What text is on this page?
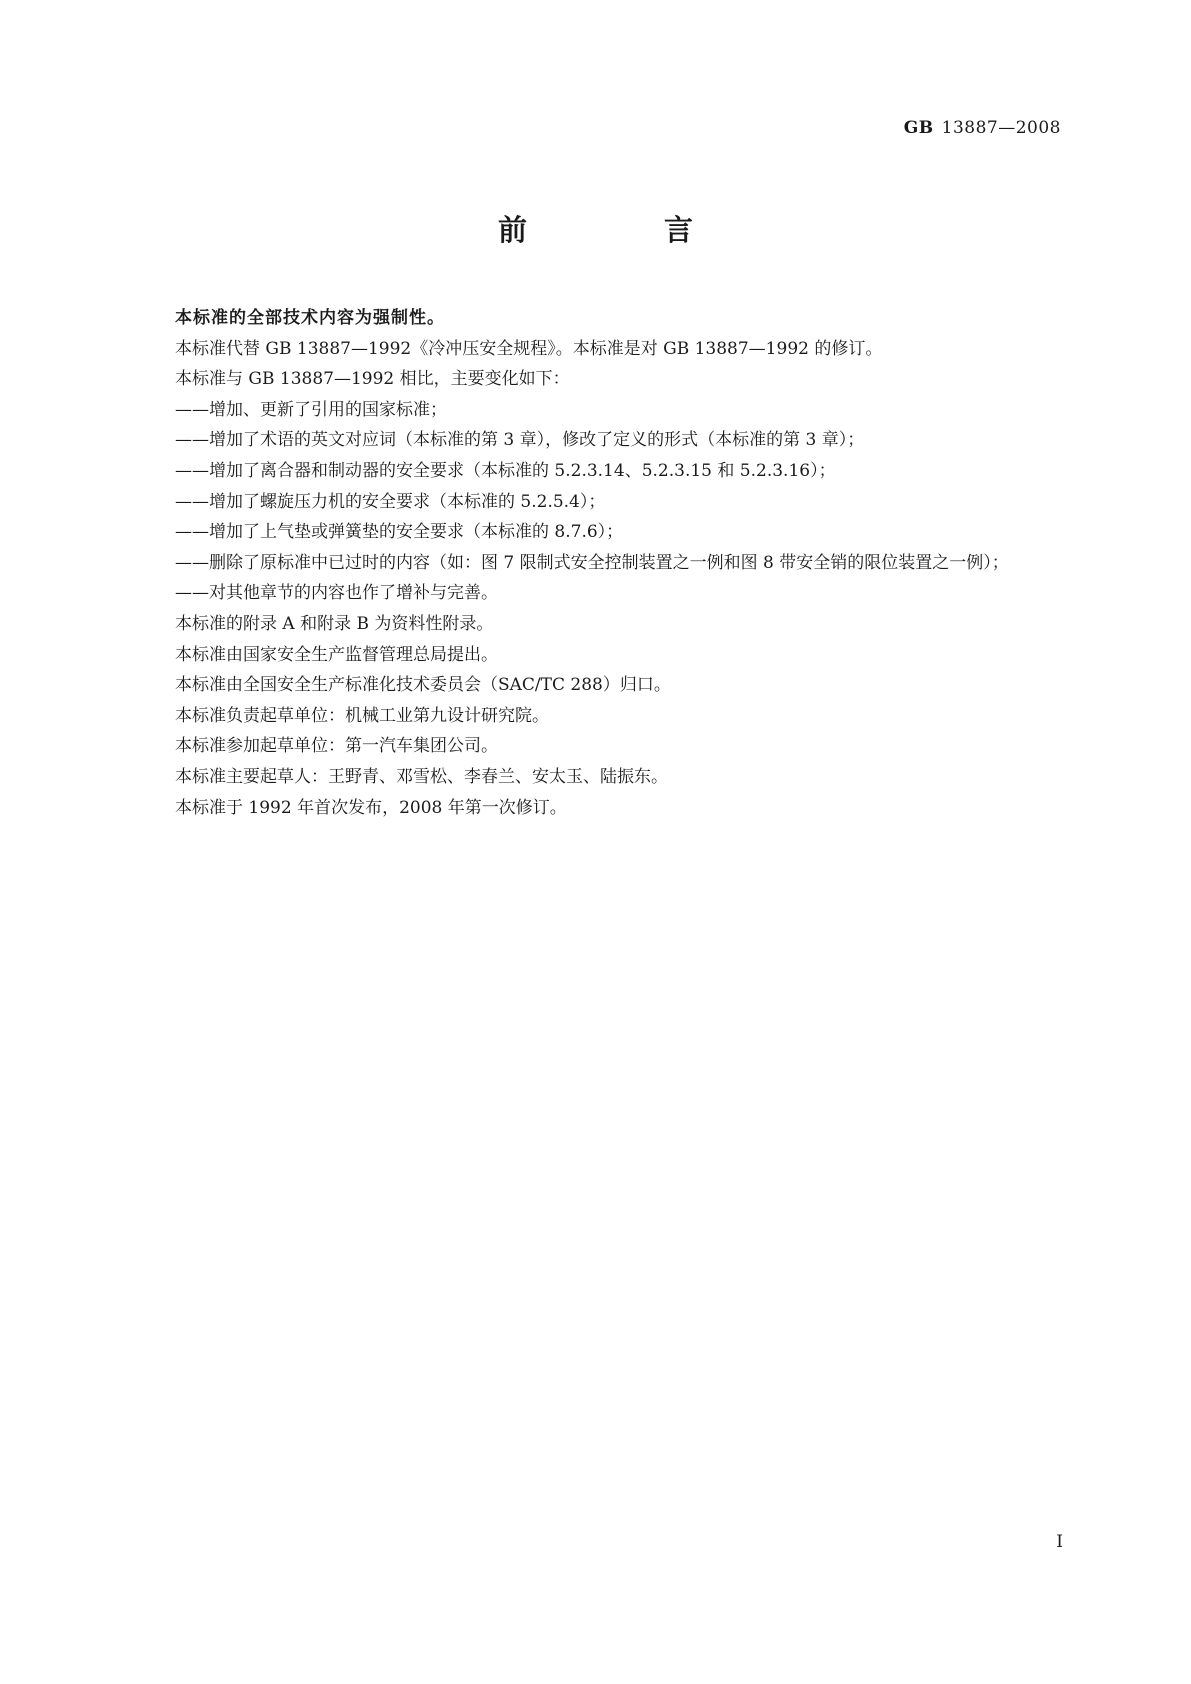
GB 13887—2008
前　言

本标准的全部技术内容为强制性。

本标准代替 GB 13887—1992《冷冲压安全规程》。本标准是对 GB 13887—1992 的修订。

本标准与 GB 13887—1992 相比，主要变化如下：

——增加、更新了引用的国家标准；

——增加了术语的英文对应词（本标准的第 3 章），修改了定义的形式（本标准的第 3 章）；

——增加了离合器和制动器的安全要求（本标准的 5.2.3.14、5.2.3.15 和 5.2.3.16）；

——增加了螺旋压力机的安全要求（本标准的 5.2.5.4）；

——增加了上气垫或弹簧垫的安全要求（本标准的 8.7.6）；

——删除了原标准中已过时的内容（如：图 7 限制式安全控制装置之一例和图 8 带安全销的限位装置之一例）；

——对其他章节的内容也作了增补与完善。

本标准的附录 A 和附录 B 为资料性附录。

本标准由国家安全生产监督管理总局提出。

本标准由全国安全生产标准化技术委员会（SAC/TC 288）归口。

本标准负责起草单位：机械工业第九设计研究院。

本标准参加起草单位：第一汽车集团公司。

本标准主要起草人：王野青、邓雪松、李春兰、安太玉、陆振东。

本标准于 1992 年首次发布，2008 年第一次修订。

I
